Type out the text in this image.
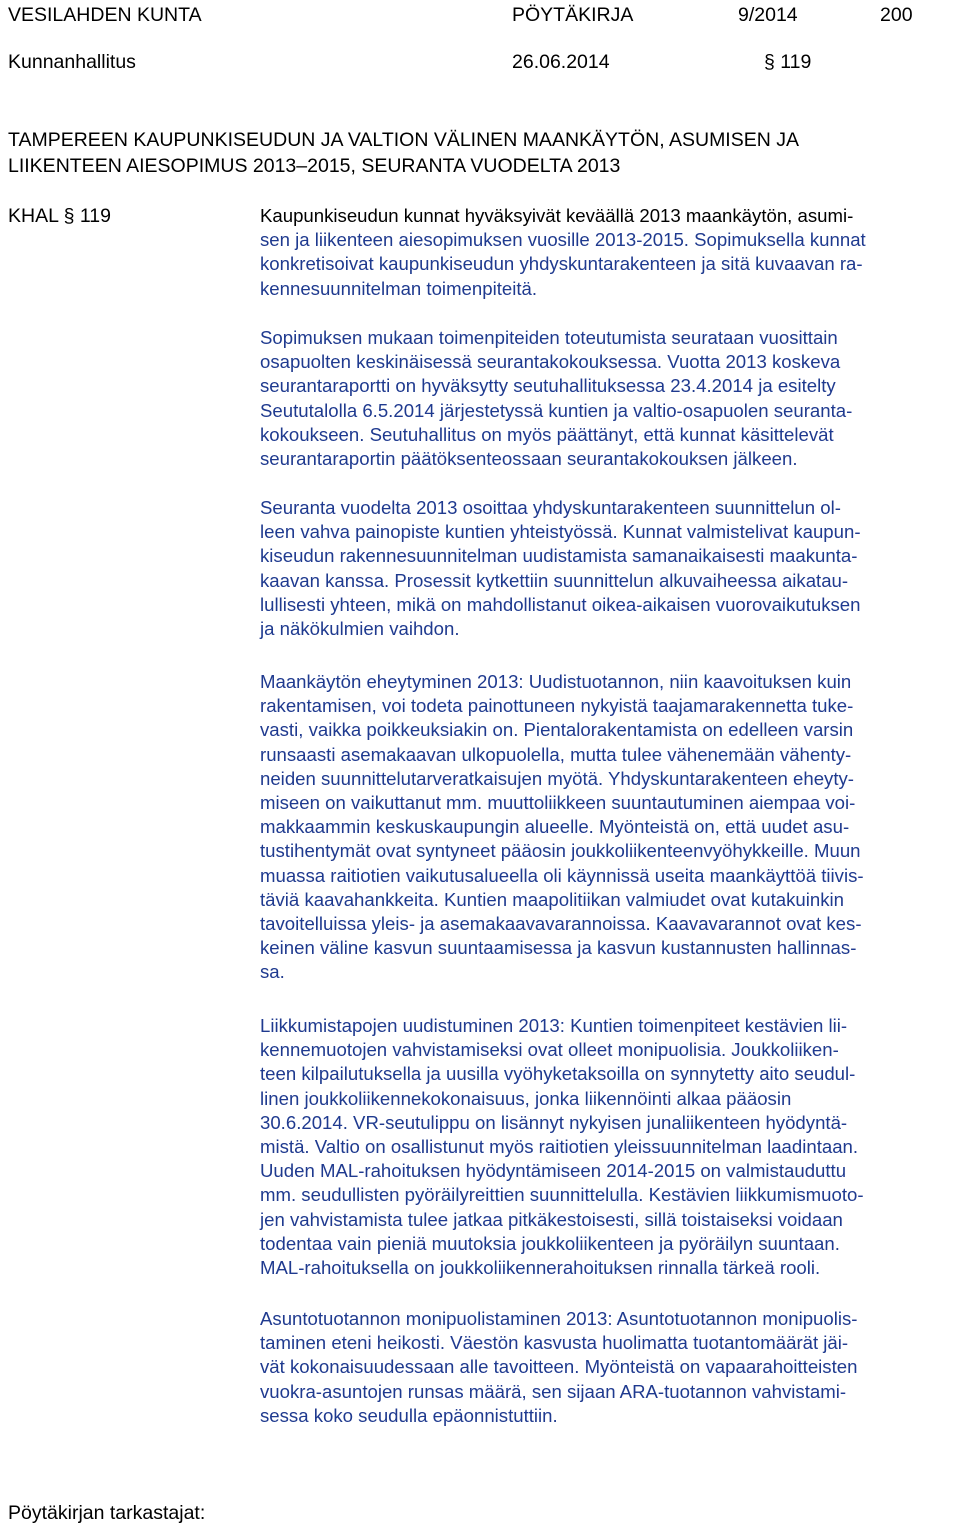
VESILAHDEN KUNTA	PÖYTÄKIRJA	9/2014	200
Kunnanhallitus	26.06.2014	§ 119
TAMPEREEN KAUPUNKISEUDUN JA VALTION VÄLINEN MAANKÄYTÖN, ASUMISEN JA
LIIKENTEEN AIESOPIMUS 2013–2015, SEURANTA VUODELTA 2013
KHAL § 119	Kaupunkiseudun kunnat hyväksyivät keväällä 2013 maankäytön, asumi-
sen ja liikenteen aiesopimuksen vuosille 2013-2015. Sopimuksella kunnat
konkretisoivat kaupunkiseudun yhdyskuntarakenteen ja sitä kuvaavan ra-
kennesuunnitelman toimenpiteitä.

Sopimuksen mukaan toimenpiteiden toteutumista seurataan vuosittain
osapuolten keskinäisessä seurantakokouksessa. Vuotta 2013 koskeva
seurantaraportti on hyväksytty seutuhallituksessa 23.4.2014 ja esitelty
Seututalolla 6.5.2014 järjestetyssä kuntien ja valtio-osapuolen seuranta-
kokoukseen. Seutuhallitus on myös päättänyt, että kunnat käsittelevät
seurantaraportin päätöksenteossaan seurantakokouksen jälkeen.

Seuranta vuodelta 2013 osoittaa yhdyskuntarakenteen suunnittelun ol-
leen vahva painopiste kuntien yhteistyössä. Kunnat valmistelivat kaupun-
kiseudun rakennesuunnitelman uudistamista samanaikaisesti maakunta-
kaavan kanssa. Prosessit kytkettiin suunnittelun alkuvaiheessa aikatau-
lullisesti yhteen, mikä on mahdollistanut oikea-aikaisen vuorovaikutuksen
ja näkökulmien vaihdon.

Maankäytön eheytyminen 2013: Uudistuotannon, niin kaavoituksen kuin
rakentamisen, voi todeta painottuneen nykyistä taajamarakennetta tuke-
vasti, vaikka poikkeuksiakin on. Pientalorakentamista on edelleen varsin
runsaasti asemakaavan ulkopuolella, mutta tulee vähenemään vähenty-
neiden suunnittelutarveratkaisujen myötä. Yhdyskuntarakenteen eheyty-
miseen on vaikuttanut mm. muuttoliikkeen suuntautuminen aiempaa voi-
makkaammin keskuskaupungin alueelle. Myönteistä on, että uudet asu-
tustihentymät ovat syntyneet pääosin joukkoliikenteenvyöhykkeille. Muun
muassa raitiotien vaikutusalueella oli käynnissä useita maankäyttöä tiivis-
täviä kaavahankkeita. Kuntien maapolitiikan valmiudet ovat kutakuinkin
tavoitelluissa yleis- ja asemakaavavarannoissa. Kaavavarannot ovat kes-
keinen väline kasvun suuntaamisessa ja kasvun kustannusten hallinnas-
sa.

Liikkumistapojen uudistuminen 2013: Kuntien toimenpiteet kestävien lii-
kennemuotojen vahvistamiseksi ovat olleet monipuolisia. Joukkoliiken-
teen kilpailutuksella ja uusilla vyöhyketaksoilla on synnytetty aito seudul-
linen joukkoliikennekokonaisuus, jonka liikennöinti alkaa pääosin
30.6.2014. VR-seutulippu on lisännyt nykyisen junaliikenteen hyödyntä-
mistä. Valtio on osallistunut myös raitiotien yleissuunnitelman laadintaan.
Uuden MAL-rahoituksen hyödyntämiseen 2014-2015 on valmistauduttu
mm. seudullisten pyöräilyreittien suunnittelulla. Kestävien liikkumismuoto-
jen vahvistamista tulee jatkaa pitkäkestoisesti, sillä toistaiseksi voidaan
todentaa vain pieniä muutoksia joukkoliikenteen ja pyöräilyn suuntaan.
MAL-rahoituksella on joukkoliikennerahoituksen rinnalla tärkeä rooli.

Asuntotuotannon monipuolistaminen 2013: Asuntotuotannon monipuolis-
taminen eteni heikosti. Väestön kasvusta huolimatta tuotantomäärät jäi-
vät kokonaisuudessaan alle tavoitteen. Myönteistä on vapaarahoitteisten
vuokra-asuntojen runsas määrä, sen sijaan ARA-tuotannon vahvistami-
sessa koko seudulla epäonnistuttiin.

Pöytäkirjan tarkastajat:
